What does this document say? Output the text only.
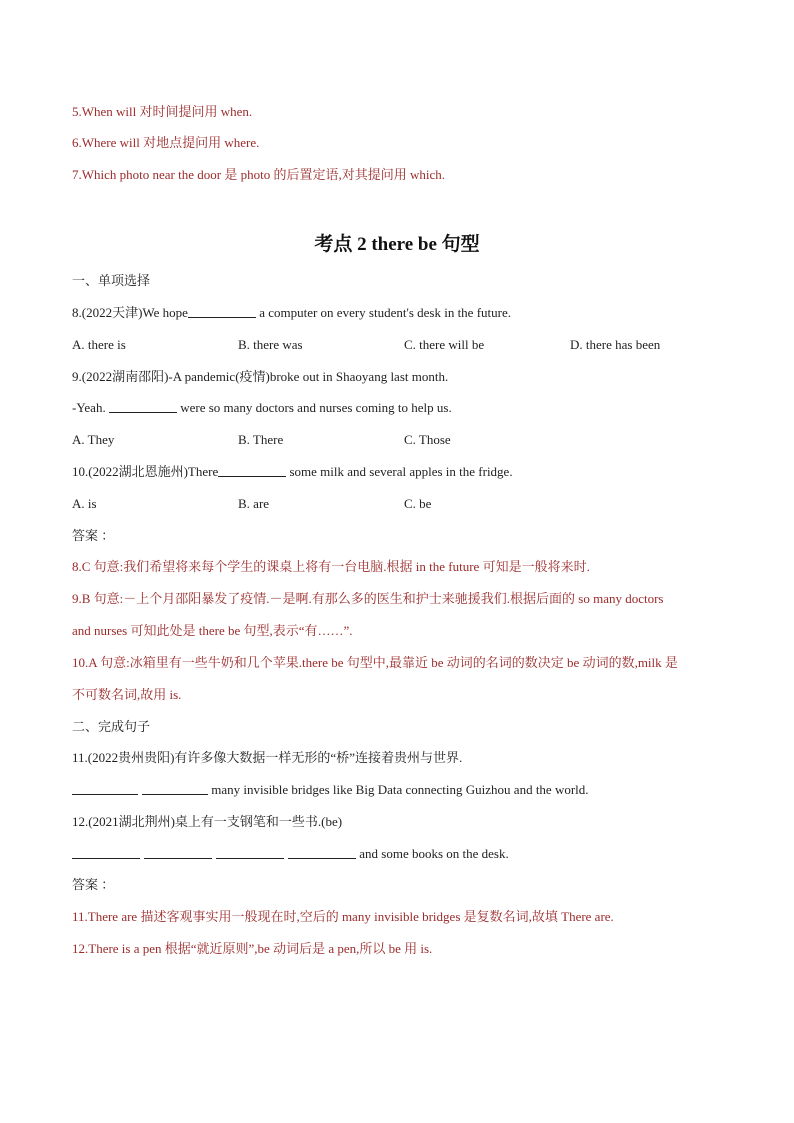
5.When will 对时间提问用 when.
6.Where will 对地点提问用 where.
7.Which photo near the door 是 photo 的后置定语,对其提问用 which.
考点 2 there be 句型
一、单项选择
8.(2022天津)We hope	a computer on every student's desk in the future.
A. there is	B. there was	C. there will be	D. there has been
9.(2022湖南邵阳)-A pandemic(疫情)broke out in Shaoyang last month.
-Yeah.	were so many doctors and nurses coming to help us.
A. They	B. There	C. Those
10.(2022湖北恩施州)There	some milk and several apples in the fridge.
A. is	B. are	C. be
答案 ：
8.C 句意:我们希望将来每个学生的课桌上将有一台电脑.根据 in the future 可知是一般将来时.
9.B 句意:－上个月邵阳暴发了疫情.－是啊.有那么多的医生和护士来驰援我们.根据后面的 so many doctors
and nurses 可知此处是 there be 句型,表示“有……”.
10.A 句意:冰箱里有一些牛奶和几个苹果.there be 句型中,最靠近 be 动词的名词的数决定 be 动词的数,milk 是
不可数名词,故用 is.
二、完成句子
11.(2022贵州贵阳)有许多像大数据一样无形的“桥”连接着贵州与世界.
many invisible bridges like Big Data connecting Guizhou and the world.
12.(2021湖北荆州)桌上有一支钢笔和一些书.(be)
and some books on the desk.
答案 ：
11.There are 描述客观事实用一般现在时,空后的 many invisible bridges 是复数名词,故填 There are.
12.There is a pen 根据“就近原则”,be 动词后是 a pen,所以 be 用 is.
